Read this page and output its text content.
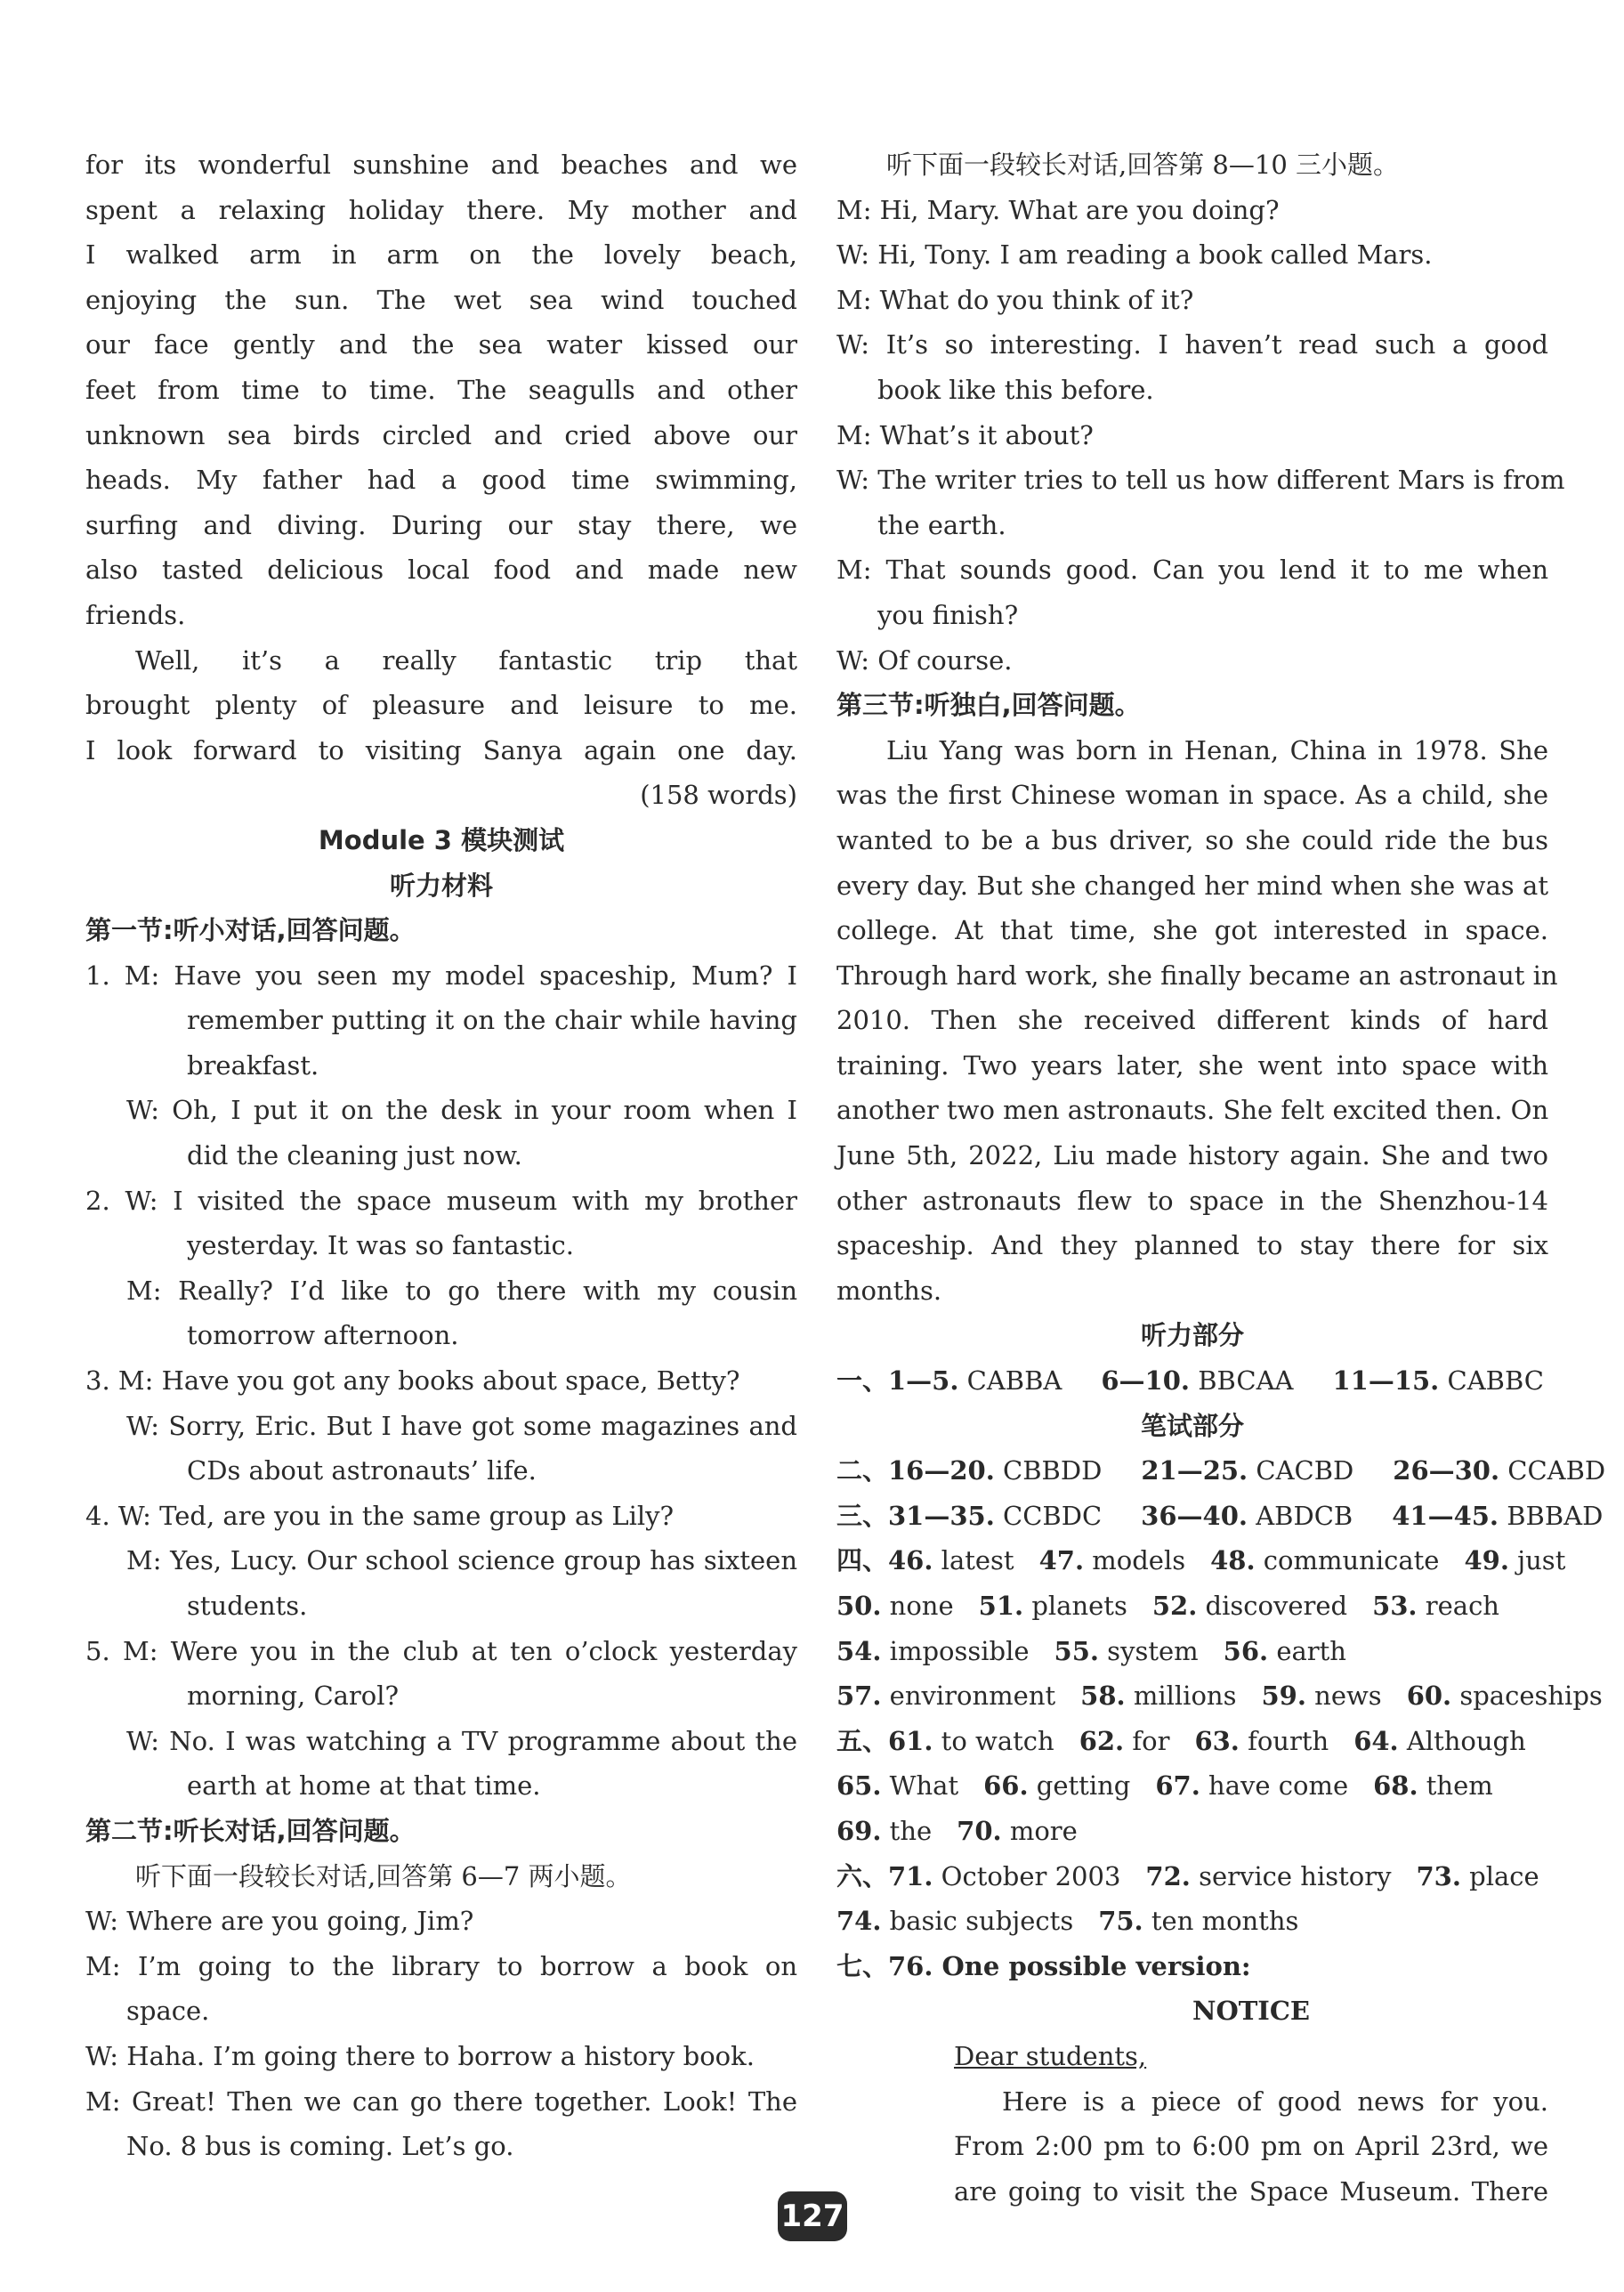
for its wonderful sunshine and beaches and we

spent a relaxing holiday there. My mother and

I walked arm in arm on the lovely beach,

enjoying the sun. The wet sea wind touched

our face gently and the sea water kissed our

feet from time to time. The seagulls and other

unknown sea birds circled and cried above our

heads. My father had a good time swimming,

surfing and diving. During our stay there, we

also tasted delicious local food and made new

friends.

Well, it’s a really fantastic trip that

brought plenty of pleasure and leisure to me.

I look forward to visiting Sanya again one day.

(158 words)

Module 3 模块测试

听力材料

第一节:听小对话,回答问题。

1. M: Have you seen my model spaceship, Mum? I

remember putting it on the chair while having

breakfast.

W: Oh, I put it on the desk in your room when I

did the cleaning just now.

2. W: I visited the space museum with my brother

yesterday. It was so fantastic.

M: Really? I’d like to go there with my cousin

tomorrow afternoon.

3. M: Have you got any books about space, Betty?

W: Sorry, Eric. But I have got some magazines and

CDs about astronauts’ life.

4. W: Ted, are you in the same group as Lily?

M: Yes, Lucy. Our school science group has sixteen

students.

5. M: Were you in the club at ten o’clock yesterday

morning, Carol?

W: No. I was watching a TV programme about the

earth at home at that time.

第二节:听长对话,回答问题。

听下面一段较长对话,回答第 6—7 两小题。

W: Where are you going, Jim?

M: I’m going to the library to borrow a book on

space.

W: Haha. I’m going there to borrow a history book.

M: Great! Then we can go there together. Look! The

No. 8 bus is coming. Let’s go.

听下面一段较长对话,回答第 8—10 三小题。

M: Hi, Mary. What are you doing?

W: Hi, Tony. I am reading a book called Mars.

M: What do you think of it?

W: It’s so interesting. I haven’t read such a good

book like this before.

M: What’s it about?

W: The writer tries to tell us how different Mars is from

the earth.

M: That sounds good. Can you lend it to me when

you finish?

W: Of course.

第三节:听独白,回答问题。

Liu Yang was born in Henan, China in 1978. She

was the first Chinese woman in space. As a child, she

wanted to be a bus driver, so she could ride the bus

every day. But she changed her mind when she was at

college. At that time, she got interested in space.

Through hard work, she finally became an astronaut in

2010. Then she received different kinds of hard

training. Two years later, she went into space with

another two men astronauts. She felt excited then. On

June 5th, 2022, Liu made history again. She and two

other astronauts flew to space in the Shenzhou-14

spaceship. And they planned to stay there for six

months.

听力部分

一、1—5. CABBA 6—10. BBCAA 11—15. CABBC

笔试部分

二、16—20. CBBDD 21—25. CACBD 26—30. CCABD

三、31—35. CCBDC 36—40. ABDCB 41—45. BBBAD

四、46. latest 47. models 48. communicate 49. just

50. none 51. planets 52. discovered 53. reach

54. impossible 55. system 56. earth

57. environment 58. millions 59. news 60. spaceships

五、61. to watch 62. for 63. fourth 64. Although

65. What 66. getting 67. have come 68. them

69. the 70. more

六、71. October 2003 72. service history 73. place

74. basic subjects 75. ten months

七、76. One possible version:

NOTICE

Dear students,

Here is a piece of good news for you.

From 2:00 pm to 6:00 pm on April 23rd, we

are going to visit the Space Museum. There

127
